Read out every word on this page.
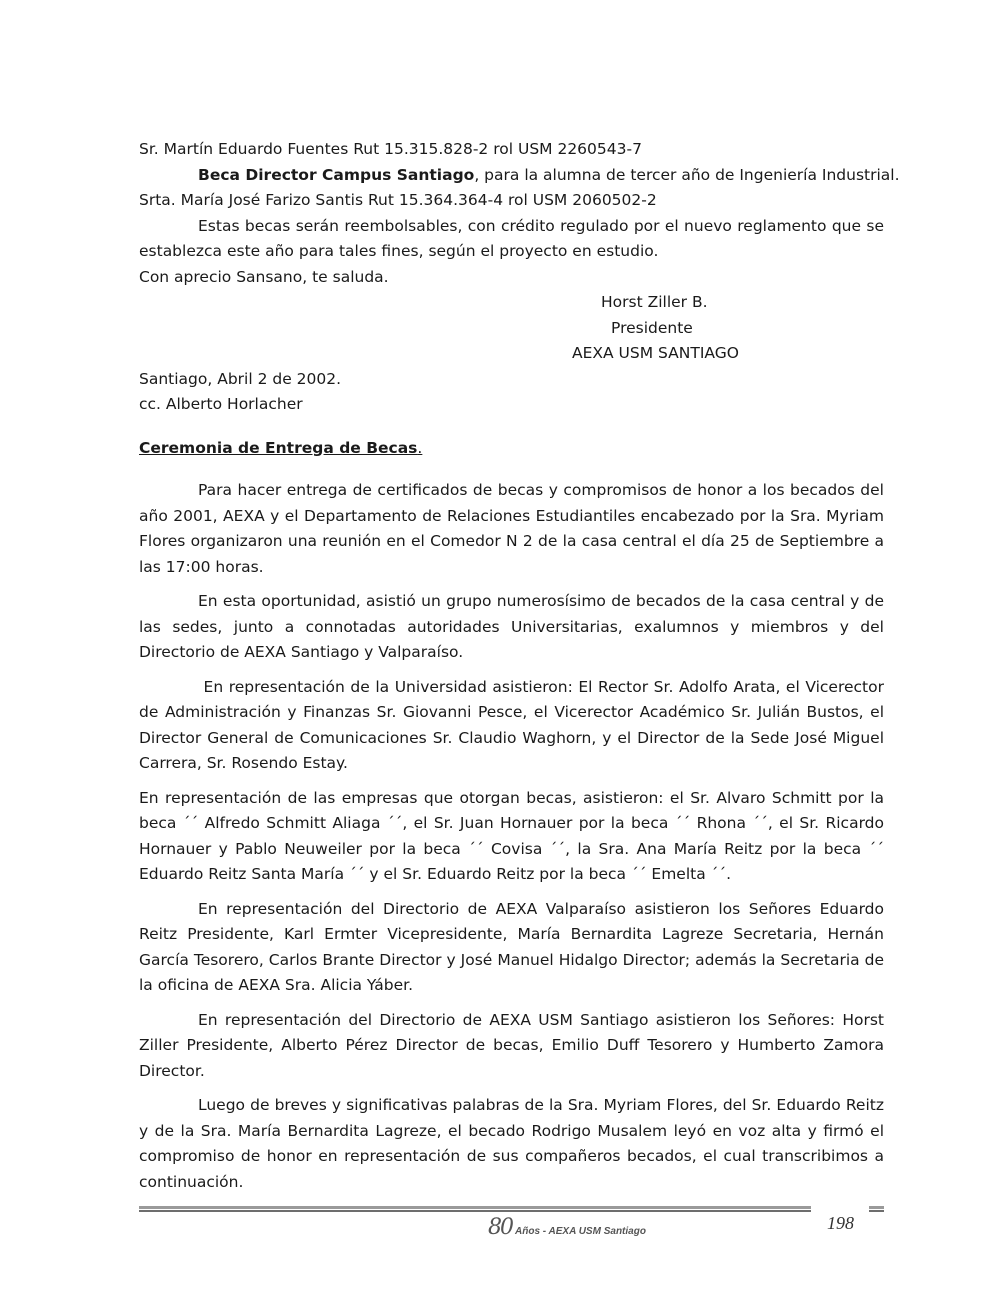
Sr. Martín Eduardo Fuentes Rut 15.315.828-2 rol USM 2260543-7
Beca Director Campus Santiago, para la alumna de tercer año de Ingeniería Industrial.
Srta. María José Farizo Santis Rut 15.364.364-4 rol USM 2060502-2

Estas becas serán reembolsables, con crédito regulado por el nuevo reglamento que se establezca este año para tales fines, según el proyecto en estudio.

Con aprecio Sansano, te saluda.
Horst Ziller B.
Presidente
AEXA USM SANTIAGO
Santiago, Abril 2 de 2002.
cc. Alberto Horlacher
Ceremonia de Entrega de Becas.

Para hacer entrega de certificados de becas y compromisos de honor a los becados del año 2001, AEXA y el Departamento de Relaciones Estudiantiles encabezado por la Sra. Myriam Flores organizaron una reunión en el Comedor N 2 de la casa central el día 25 de Septiembre a las 17:00 horas.

En esta oportunidad, asistió un grupo numerosísimo de becados de la casa central y de las sedes, junto a connotadas autoridades Universitarias, exalumnos y miembros y del Directorio de AEXA Santiago y Valparaíso.

En representación de la Universidad asistieron: El Rector Sr. Adolfo Arata, el Vicerector de Administración y Finanzas Sr. Giovanni Pesce, el Vicerector Académico Sr. Julián Bustos, el Director General de Comunicaciones Sr. Claudio Waghorn, y el Director de la Sede José Miguel Carrera, Sr. Rosendo Estay.

En representación de las empresas que otorgan becas, asistieron: el Sr. Alvaro Schmitt por la beca ´´ Alfredo Schmitt Aliaga ´´, el Sr. Juan Hornauer por la beca ´´ Rhona ´´, el Sr. Ricardo Hornauer y Pablo Neuweiler por la beca ´´ Covisa ´´, la Sra. Ana María Reitz por la beca ´´ Eduardo Reitz Santa María ´´ y el Sr. Eduardo Reitz por la beca ´´ Emelta ´´.

En representación del Directorio de AEXA Valparaíso asistieron los Señores Eduardo Reitz Presidente, Karl Ermter Vicepresidente, María Bernardita Lagreze Secretaria, Hernán García Tesorero, Carlos Brante Director y José Manuel Hidalgo Director; además la Secretaria de la oficina de AEXA Sra. Alicia Yáber.

En representación del Directorio de AEXA USM Santiago asistieron los Señores: Horst Ziller Presidente, Alberto Pérez Director de becas, Emilio Duff Tesorero y Humberto Zamora Director.

Luego de breves y significativas palabras de la Sra. Myriam Flores, del Sr. Eduardo Reitz y de la Sra. María Bernardita Lagreze, el becado Rodrigo Musalem leyó en voz alta y firmó el compromiso de honor en representación de sus compañeros becados, el cual transcribimos a continuación.

80 Años - AEXA USM Santiago	198
